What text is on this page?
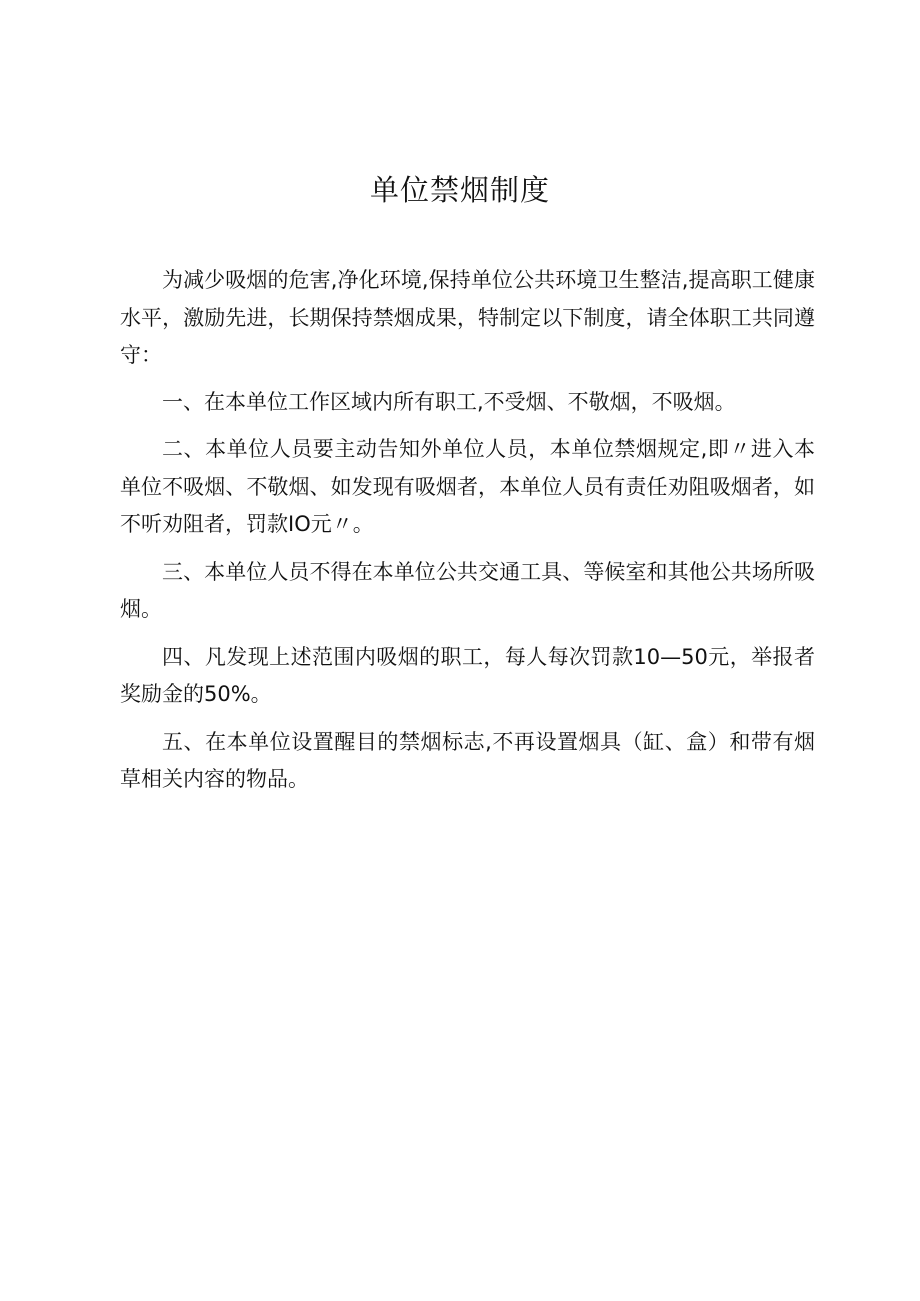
单位禁烟制度

为减少吸烟的危害,净化环境,保持单位公共环境卫生整洁,提高职工健康水平，激励先进，长期保持禁烟成果，特制定以下制度，请全体职工共同遵守：

一、在本单位工作区域内所有职工,不受烟、不敬烟，不吸烟。

二、本单位人员要主动告知外单位人员，本单位禁烟规定,即〃进入本单位不吸烟、不敬烟、如发现有吸烟者，本单位人员有责任劝阻吸烟者，如不听劝阻者，罚款IO元〃。

三、本单位人员不得在本单位公共交通工具、等候室和其他公共场所吸烟。

四、凡发现上述范围内吸烟的职工，每人每次罚款10—50元，举报者奖励金的50%。

五、在本单位设置醒目的禁烟标志,不再设置烟具（缸、盒）和带有烟草相关内容的物品。
